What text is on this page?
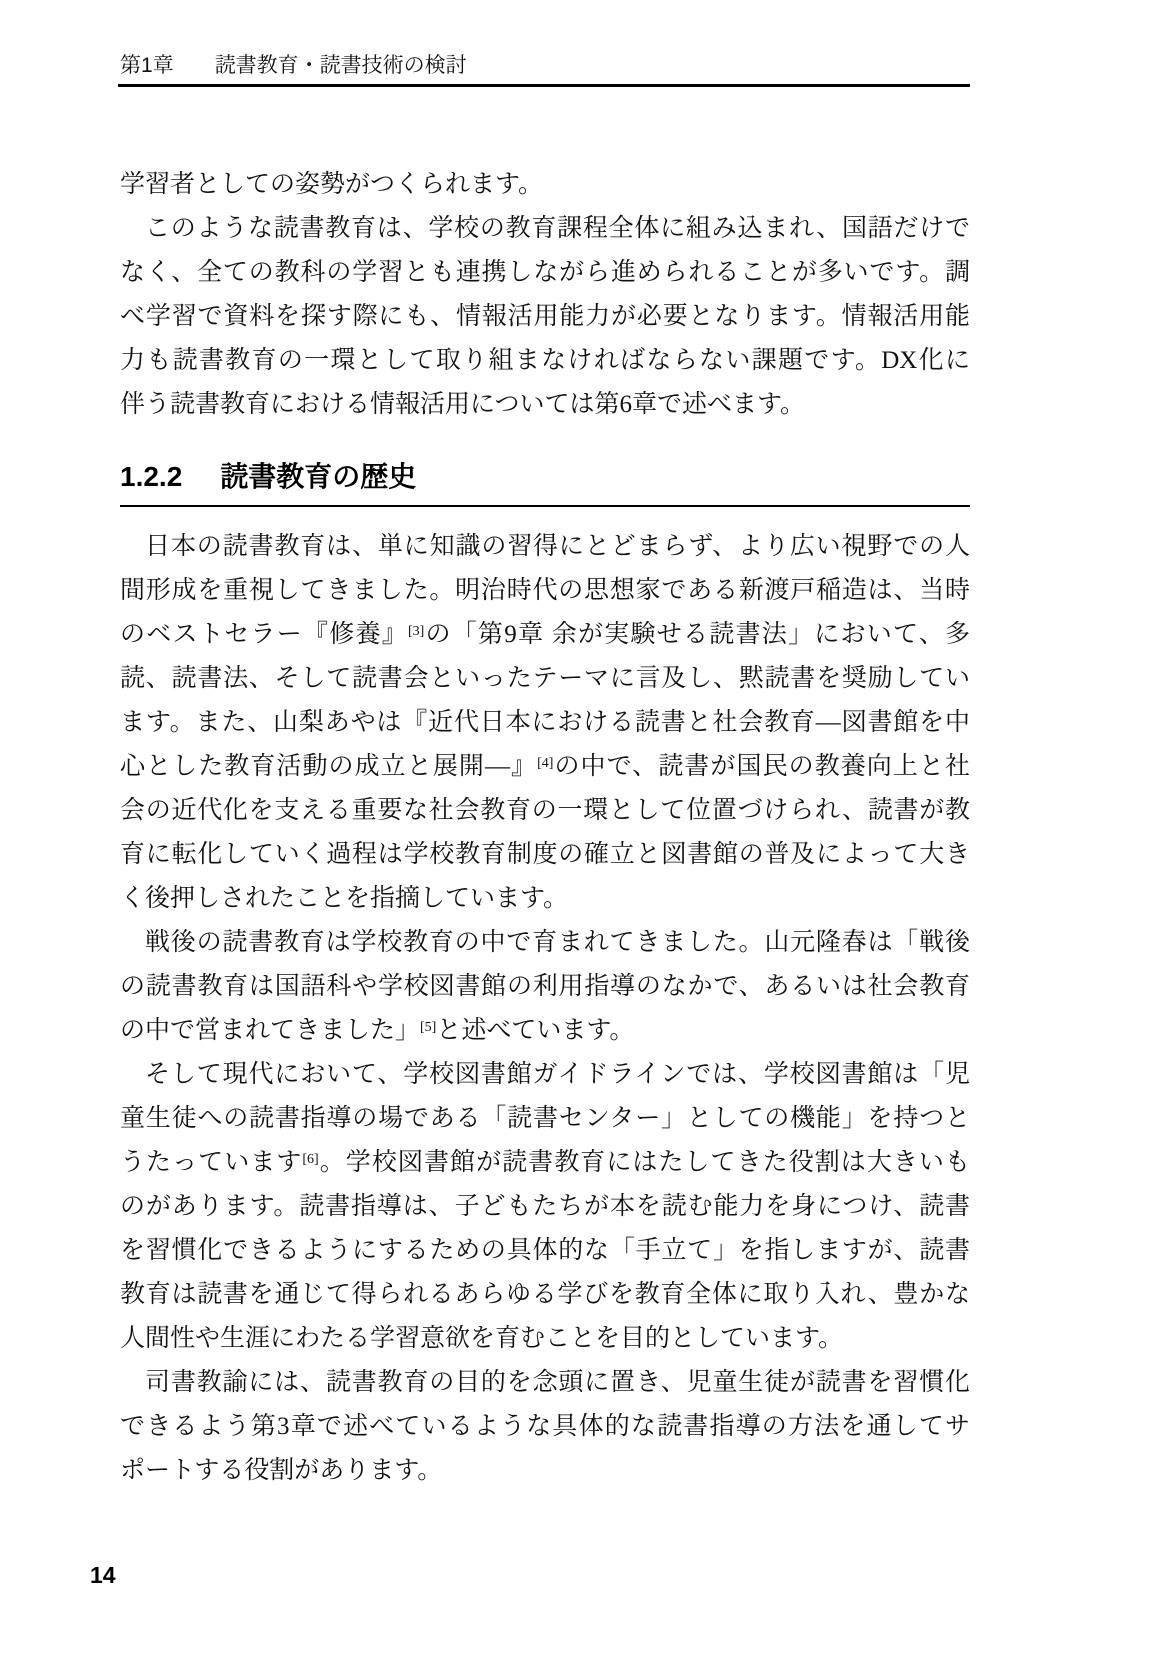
第1章 読書教育・読書技術の検討
学習者としての姿勢がつくられます。
このような読書教育は、学校の教育課程全体に組み込まれ、国語だけで
なく、全ての教科の学習とも連携しながら進められることが多いです。調
べ学習で資料を探す際にも、情報活用能力が必要となります。情報活用能
力も読書教育の一環として取り組まなければならない課題です。DX化に
伴う読書教育における情報活用については第6章で述べます。
1.2.2 読書教育の歴史
日本の読書教育は、単に知識の習得にとどまらず、より広い視野での人
間形成を重視してきました。明治時代の思想家である新渡戸稲造は、当時
のベストセラー『修養』[3]の「第9章 余が実験せる読書法」において、多
読、読書法、そして読書会といったテーマに言及し、黙読書を奨励してい
ます。また、山梨あやは『近代日本における読書と社会教育—図書館を中
心とした教育活動の成立と展開—』[4]の中で、読書が国民の教養向上と社
会の近代化を支える重要な社会教育の一環として位置づけられ、読書が教
育に転化していく過程は学校教育制度の確立と図書館の普及によって大き
く後押しされたことを指摘しています。
戦後の読書教育は学校教育の中で育まれてきました。山元隆春は「戦後
の読書教育は国語科や学校図書館の利用指導のなかで、あるいは社会教育
の中で営まれてきました」[5]と述べています。
そして現代において、学校図書館ガイドラインでは、学校図書館は「児
童生徒への読書指導の場である「読書センター」としての機能」を持つと
うたっています[6]。学校図書館が読書教育にはたしてきた役割は大きいも
のがあります。読書指導は、子どもたちが本を読む能力を身につけ、読書
を習慣化できるようにするための具体的な「手立て」を指しますが、読書
教育は読書を通じて得られるあらゆる学びを教育全体に取り入れ、豊かな
人間性や生涯にわたる学習意欲を育むことを目的としています。
司書教諭には、読書教育の目的を念頭に置き、児童生徒が読書を習慣化
できるよう第3章で述べているような具体的な読書指導の方法を通してサ
ポートする役割があります。
14
